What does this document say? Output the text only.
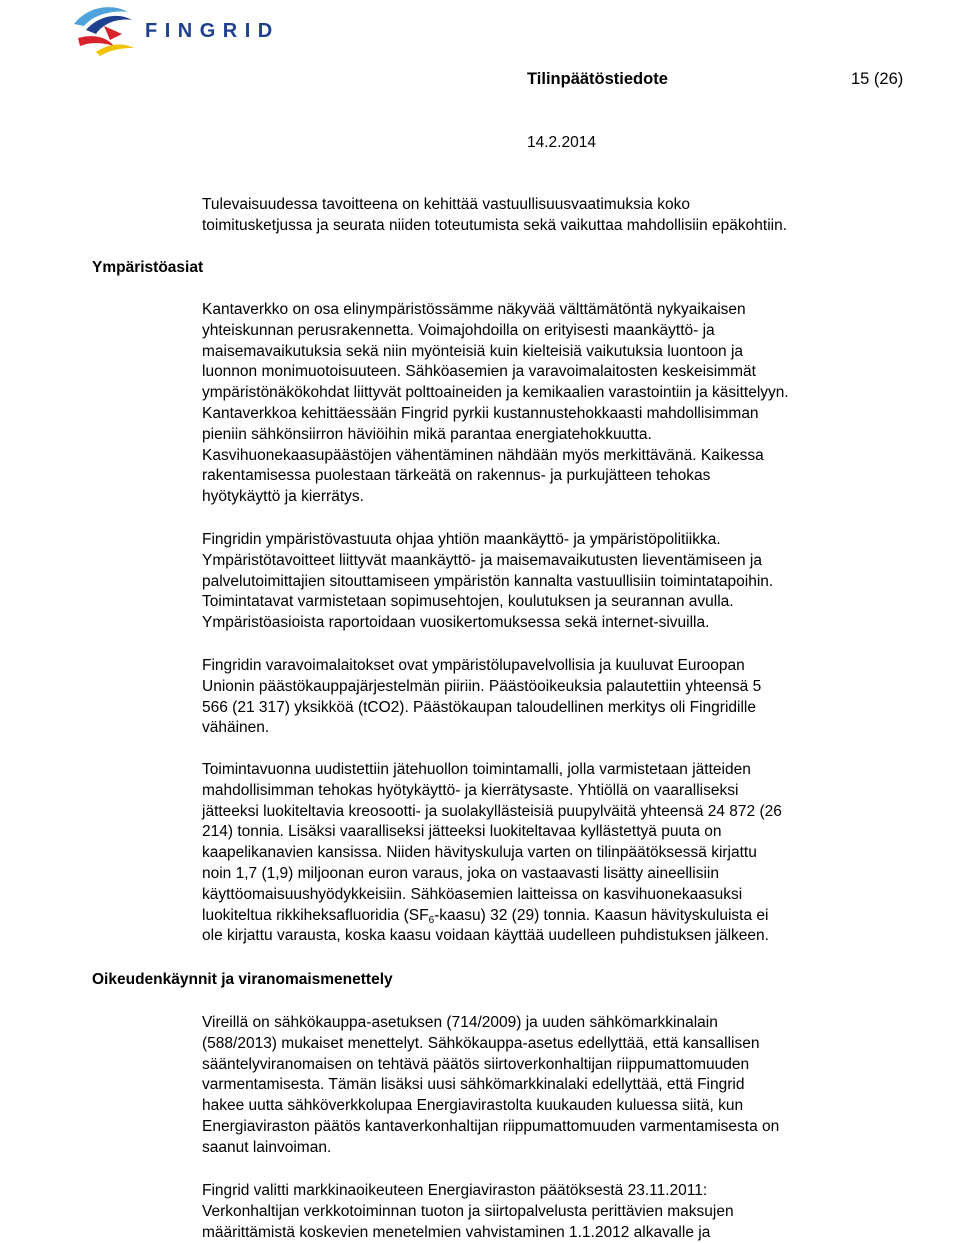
FINGRID
Tilinpäätöstiedote	15 (26)
14.2.2014
Ympäristöasiat
Oikeudenkäynnit ja viranomaismenettely
Tulevaisuudessa tavoitteena on kehittää vastuullisuusvaatimuksia koko
toimitusketjussa ja seurata niiden toteutumista sekä vaikuttaa mahdollisiin epäkohtiin.
Kantaverkko on osa elinympäristössämme näkyvää välttämätöntä nykyaikaisen
yhteiskunnan perusrakennetta. Voimajohdoilla on erityisesti maankäyttö- ja
maisemavaikutuksia sekä niin myönteisiä kuin kielteisiä vaikutuksia luontoon ja
luonnon monimuotoisuuteen. Sähköasemien ja varavoimalaitosten keskeisimmät
ympäristönäkökohdat liittyvät polttoaineiden ja kemikaalien varastointiin ja käsittelyyn.
Kantaverkkoa kehittäessään Fingrid pyrkii kustannustehokkaasti mahdollisimman
pieniin sähkönsiirron häviöihin mikä parantaa energiatehokkuutta.
Kasvihuonekaasupäästöjen vähentäminen nähdään myös merkittävänä. Kaikessa
rakentamisessa puolestaan tärkeätä on rakennus- ja purkujätteen tehokas
hyötykäyttö ja kierrätys.
Fingridin ympäristövastuuta ohjaa yhtiön maankäyttö- ja ympäristöpolitiikka.
Ympäristötavoitteet liittyvät maankäyttö- ja maisemavaikutusten lieventämiseen ja
palvelutoimittajien sitouttamiseen ympäristön kannalta vastuullisiin toimintatapoihin.
Toimintatavat varmistetaan sopimusehtojen, koulutuksen ja seurannan avulla.
Ympäristöasioista raportoidaan vuosikertomuksessa sekä internet-sivuilla.
Fingridin varavoimalaitokset ovat ympäristölupavelvollisia ja kuuluvat Euroopan
Unionin päästökauppajärjestelmän piiriin. Päästöoikeuksia palautettiin yhteensä 5
566 (21 317) yksikköä (tCO2). Päästökaupan taloudellinen merkitys oli Fingridille
vähäinen.
Toimintavuonna uudistettiin jätehuollon toimintamalli, jolla varmistetaan jätteiden
mahdollisimman tehokas hyötykäyttö- ja kierrätysaste. Yhtiöllä on vaaralliseksi
jätteeksi luokiteltavia kreosootti- ja suolakyllästeisiä puupylväitä yhteensä 24 872 (26
214) tonnia. Lisäksi vaaralliseksi jätteeksi luokiteltavaa kyllästettyä puuta on
kaapelikanavien kansissa. Niiden hävityskuluja varten on tilinpäätöksessä kirjattu
noin 1,7 (1,9) miljoonan euron varaus, joka on vastaavasti lisätty aineellisiin
käyttöomaisuushyödykkeisiin. Sähköasemien laitteissa on kasvihuonekaasuksi
luokiteltua rikkiheksafluoridia $(SF_6-kaasu)$ 32 (29) tonnia. Kaasun hävityskuluista ei
ole kirjattu varausta, koska kaasu voidaan käyttää uudelleen puhdistuksen jälkeen.
Vireillä on sähkökauppa-asetuksen (714/2009) ja uuden sähkömarkkinalain
(588/2013) mukaiset menettelyt. Sähkökauppa-asetus edellyttää, että kansallisen
sääntelyviranomaisen on tehtävä päätös siirtoverkonhaltijan riippumattomuuden
varmentamisesta. Tämän lisäksi uusi sähkömarkkinalaki edellyttää, että Fingrid
hakee uutta sähköverkkolupaa Energiavirastolta kuukauden kuluessa siitä, kun
Energiaviraston päätös kantaverkonhaltijan riippumattomuuden varmentamisesta on
saanut lainvoiman.
Fingrid valitti markkinaoikeuteen Energiaviraston päätöksestä 23.11.2011:
Verkonhaltijan verkkotoiminnan tuoton ja siirtopalvelusta perittävien maksujen
määrittämistä koskevien menetelmien vahvistaminen 1.1.2012 alkavalle ja
